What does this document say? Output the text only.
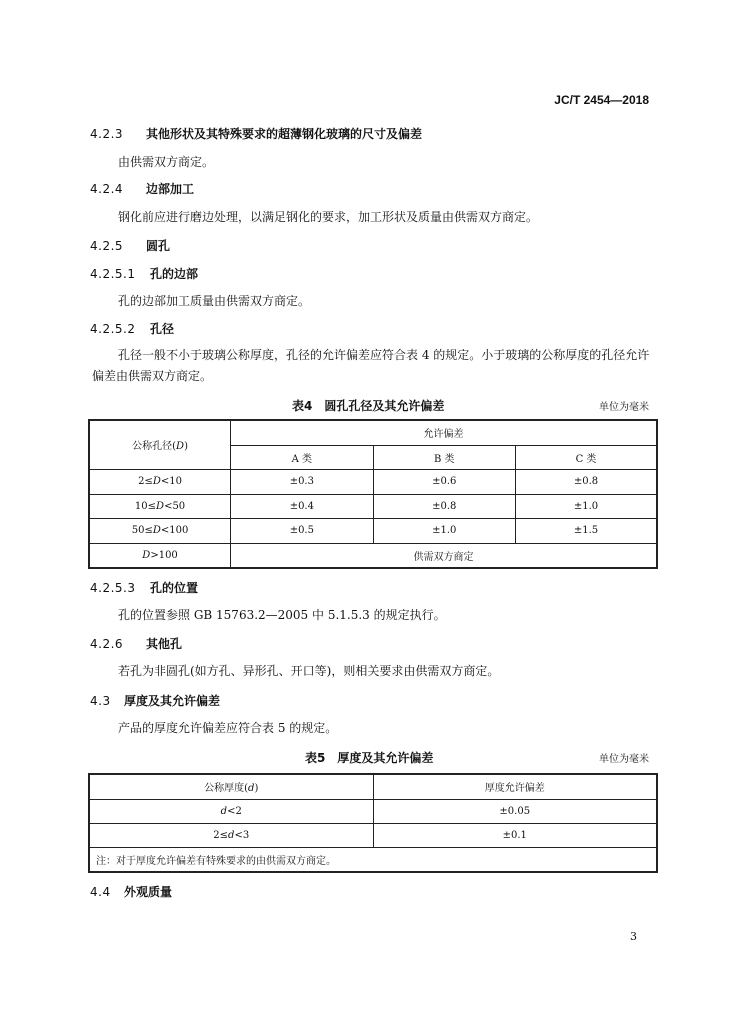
JC/T 2454—2018
4.2.3 其他形状及其特殊要求的超薄钢化玻璃的尺寸及偏差
由供需双方商定。
4.2.4 边部加工
钢化前应进行磨边处理，以满足钢化的要求，加工形状及质量由供需双方商定。
4.2.5 圆孔
4.2.5.1 孔的边部
孔的边部加工质量由供需双方商定。
4.2.5.2 孔径
孔径一般不小于玻璃公称厚度，孔径的允许偏差应符合表 4 的规定。小于玻璃的公称厚度的孔径允许偏差由供需双方商定。
表4　圆孔孔径及其允许偏差	单位为毫米
公称孔径(D)	允许偏差		
	A 类	B 类	C 类
2≤D<10	±0.3	±0.6	±0.8
10≤D<50	±0.4	±0.8	±1.0
50≤D<100	±0.5	±1.0	±1.5
D>100	供需双方商定		
4.2.5.3 孔的位置
孔的位置参照 GB 15763.2—2005 中 5.1.5.3 的规定执行。
4.2.6 其他孔
若孔为非圆孔(如方孔、异形孔、开口等)，则相关要求由供需双方商定。
4.3 厚度及其允许偏差
产品的厚度允许偏差应符合表 5 的规定。
表5　厚度及其允许偏差	单位为毫米
公称厚度(d)	厚度允许偏差
d<2	±0.05
2≤d<3	±0.1
注：对于厚度允许偏差有特殊要求的由供需双方商定。	
4.4 外观质量
3
